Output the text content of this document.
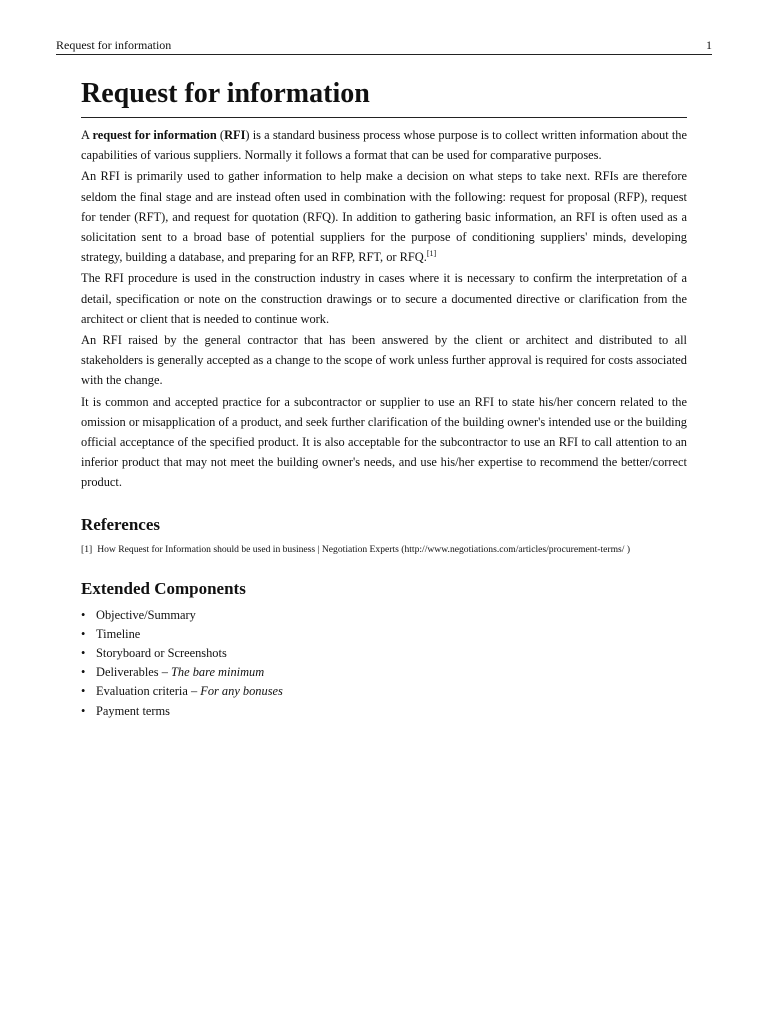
Request for information	1
Request for information

A request for information (RFI) is a standard business process whose purpose is to collect written information about the capabilities of various suppliers. Normally it follows a format that can be used for comparative purposes.

An RFI is primarily used to gather information to help make a decision on what steps to take next. RFIs are therefore seldom the final stage and are instead often used in combination with the following: request for proposal (RFP), request for tender (RFT), and request for quotation (RFQ). In addition to gathering basic information, an RFI is often used as a solicitation sent to a broad base of potential suppliers for the purpose of conditioning suppliers' minds, developing strategy, building a database, and preparing for an RFP, RFT, or RFQ.[1]

The RFI procedure is used in the construction industry in cases where it is necessary to confirm the interpretation of a detail, specification or note on the construction drawings or to secure a documented directive or clarification from the architect or client that is needed to continue work.

An RFI raised by the general contractor that has been answered by the client or architect and distributed to all stakeholders is generally accepted as a change to the scope of work unless further approval is required for costs associated with the change.

It is common and accepted practice for a subcontractor or supplier to use an RFI to state his/her concern related to the omission or misapplication of a product, and seek further clarification of the building owner's intended use or the building official acceptance of the specified product. It is also acceptable for the subcontractor to use an RFI to call attention to an inferior product that may not meet the building owner's needs, and use his/her expertise to recommend the better/correct product.

References
[1] How Request for Information should be used in business | Negotiation Experts (http://www.negotiations.com/articles/procurement-terms/ )
Extended Components
• Objective/Summary
• Timeline
• Storyboard or Screenshots
• Deliverables – The bare minimum
• Evaluation criteria – For any bonuses
• Payment terms
